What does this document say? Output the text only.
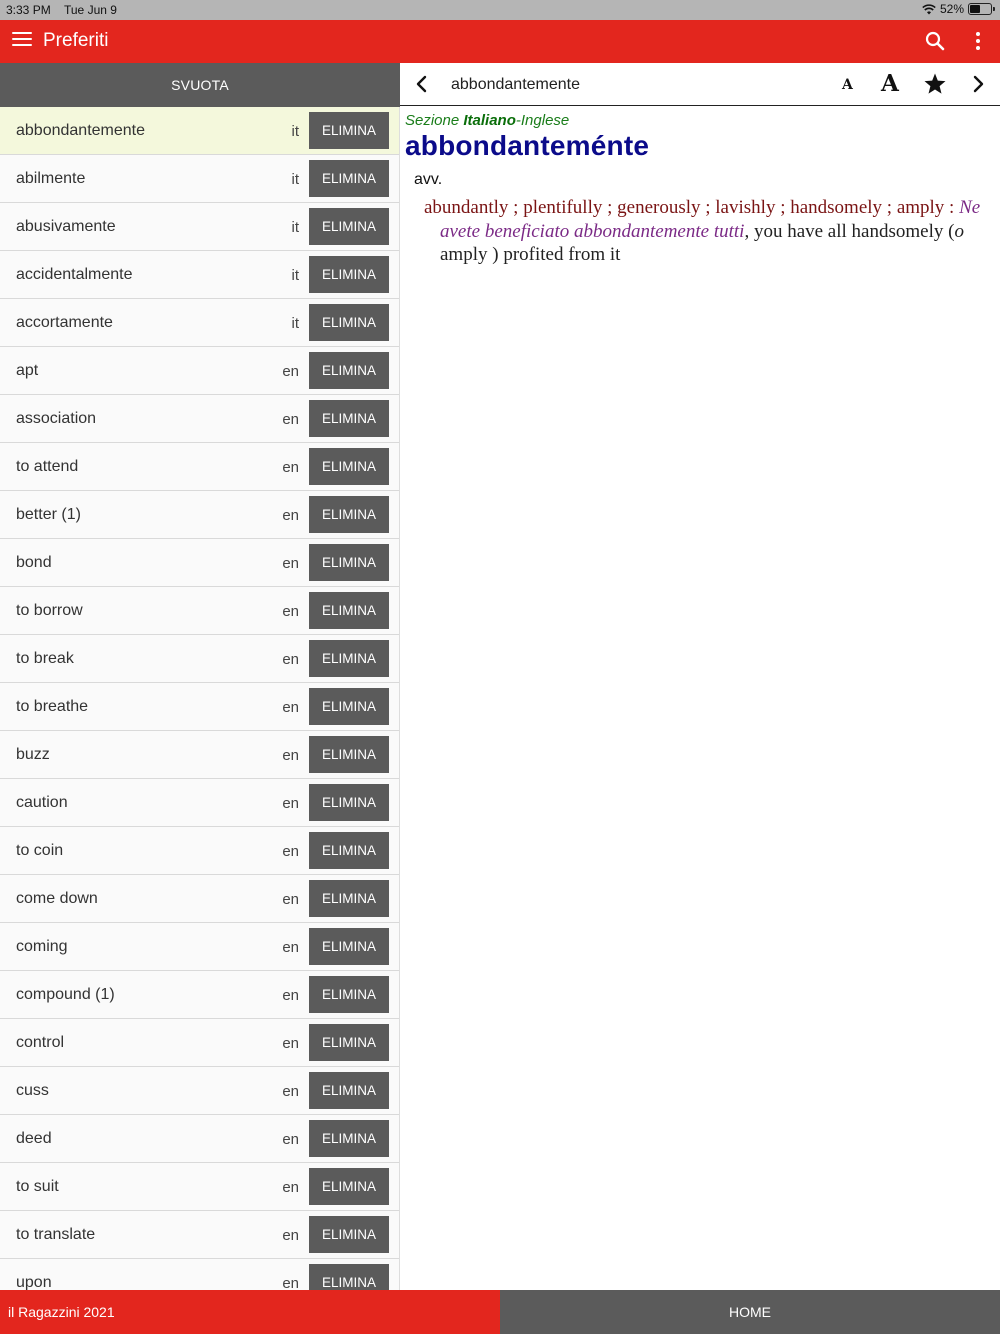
3:33 PM Tue Jun 9	52%
Preferiti
SVUOTA
abbondantemente	it	ELIMINA
abilmente	it	ELIMINA
abusivamente	it	ELIMINA
accidentalmente	it	ELIMINA
accortamente	it	ELIMINA
apt	en	ELIMINA
association	en	ELIMINA
to attend	en	ELIMINA
better (1)	en	ELIMINA
bond	en	ELIMINA
to borrow	en	ELIMINA
to break	en	ELIMINA
to breathe	en	ELIMINA
buzz	en	ELIMINA
caution	en	ELIMINA
to coin	en	ELIMINA
come down	en	ELIMINA
coming	en	ELIMINA
compound (1)	en	ELIMINA
control	en	ELIMINA
cuss	en	ELIMINA
deed	en	ELIMINA
to suit	en	ELIMINA
to translate	en	ELIMINA
upon	en	ELIMINA
abbondantemente	A A
Sezione Italiano-Inglese
abbondanteménte
avv.
abundantly ; plentifully ; generously ; lavishly ; handsomely ; amply : Ne avete beneficiato abbondantemente tutti, you have all handsomely (o amply ) profited from it
il Ragazzini 2021	HOME
